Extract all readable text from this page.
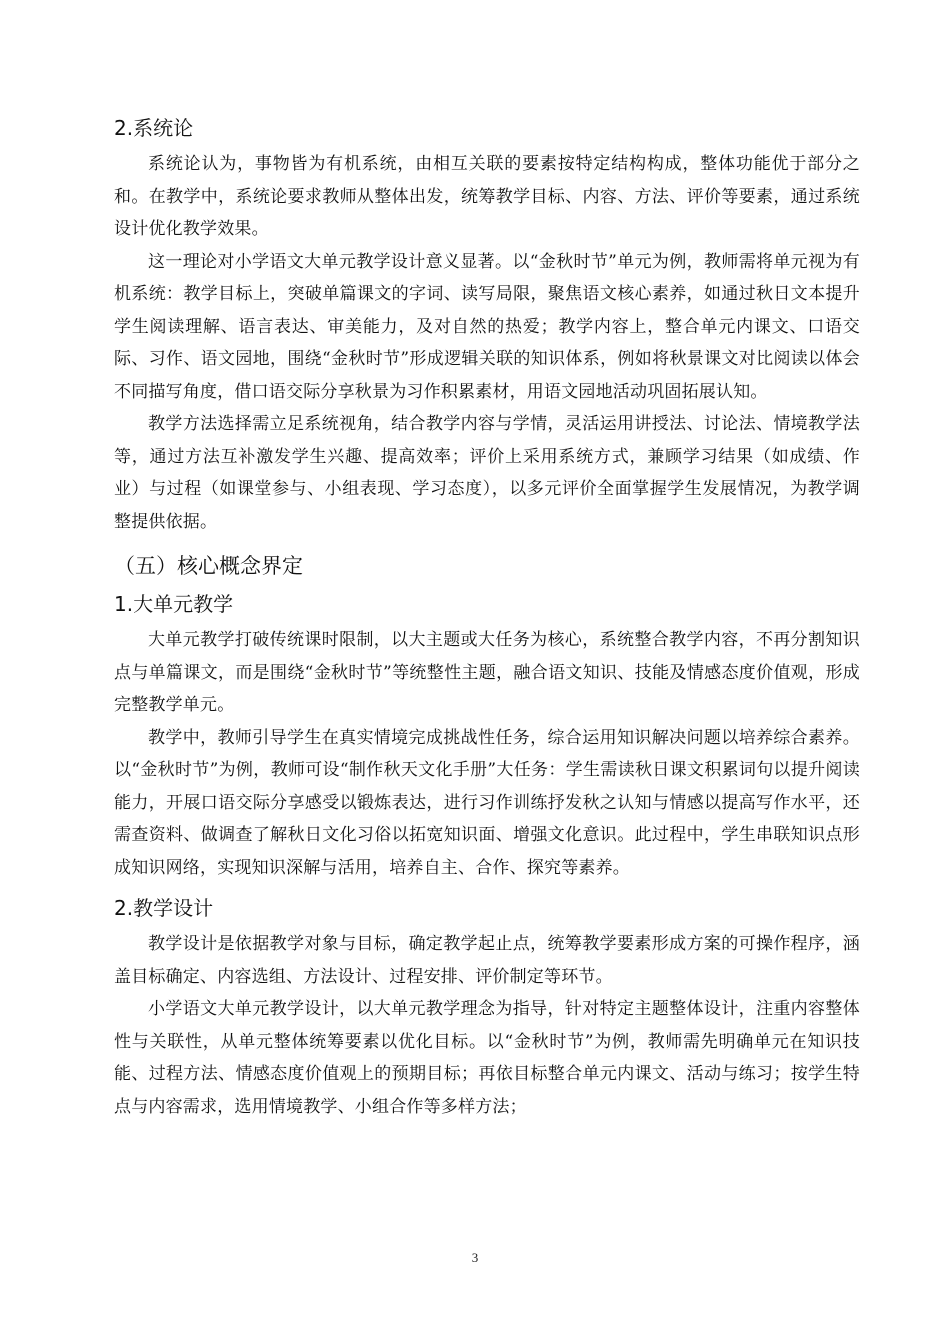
2.系统论

系统论认为，事物皆为有机系统，由相互关联的要素按特定结构构成，整体功能优于部分之和。在教学中，系统论要求教师从整体出发，统筹教学目标、内容、方法、评价等要素，通过系统设计优化教学效果。

这一理论对小学语文大单元教学设计意义显著。以“金秋时节”单元为例，教师需将单元视为有机系统：教学目标上，突破单篇课文的字词、读写局限，聚焦语文核心素养，如通过秋日文本提升学生阅读理解、语言表达、审美能力，及对自然的热爱；教学内容上，整合单元内课文、口语交际、习作、语文园地，围绕“金秋时节”形成逻辑关联的知识体系，例如将秋景课文对比阅读以体会不同描写角度，借口语交际分享秋景为习作积累素材，用语文园地活动巩固拓展认知。

教学方法选择需立足系统视角，结合教学内容与学情，灵活运用讲授法、讨论法、情境教学法等，通过方法互补激发学生兴趣、提高效率；评价上采用系统方式，兼顾学习结果（如成绩、作业）与过程（如课堂参与、小组表现、学习态度），以多元评价全面掌握学生发展情况，为教学调整提供依据。

（五）核心概念界定
1.大单元教学

大单元教学打破传统课时限制，以大主题或大任务为核心，系统整合教学内容，不再分割知识点与单篇课文，而是围绕“金秋时节”等统整性主题，融合语文知识、技能及情感态度价值观，形成完整教学单元。

教学中，教师引导学生在真实情境完成挑战性任务，综合运用知识解决问题以培养综合素养。以“金秋时节”为例，教师可设“制作秋天文化手册”大任务：学生需读秋日课文积累词句以提升阅读能力，开展口语交际分享感受以锻炼表达，进行习作训练抒发秋之认知与情感以提高写作水平，还需查资料、做调查了解秋日文化习俗以拓宽知识面、增强文化意识。此过程中，学生串联知识点形成知识网络，实现知识深解与活用，培养自主、合作、探究等素养。

2.教学设计

教学设计是依据教学对象与目标，确定教学起止点，统筹教学要素形成方案的可操作程序，涵盖目标确定、内容选组、方法设计、过程安排、评价制定等环节。

小学语文大单元教学设计，以大单元教学理念为指导，针对特定主题整体设计，注重内容整体性与关联性，从单元整体统筹要素以优化目标。以“金秋时节”为例，教师需先明确单元在知识技能、过程方法、情感态度价值观上的预期目标；再依目标整合单元内课文、活动与练习；按学生特点与内容需求，选用情境教学、小组合作等多样方法；

3
